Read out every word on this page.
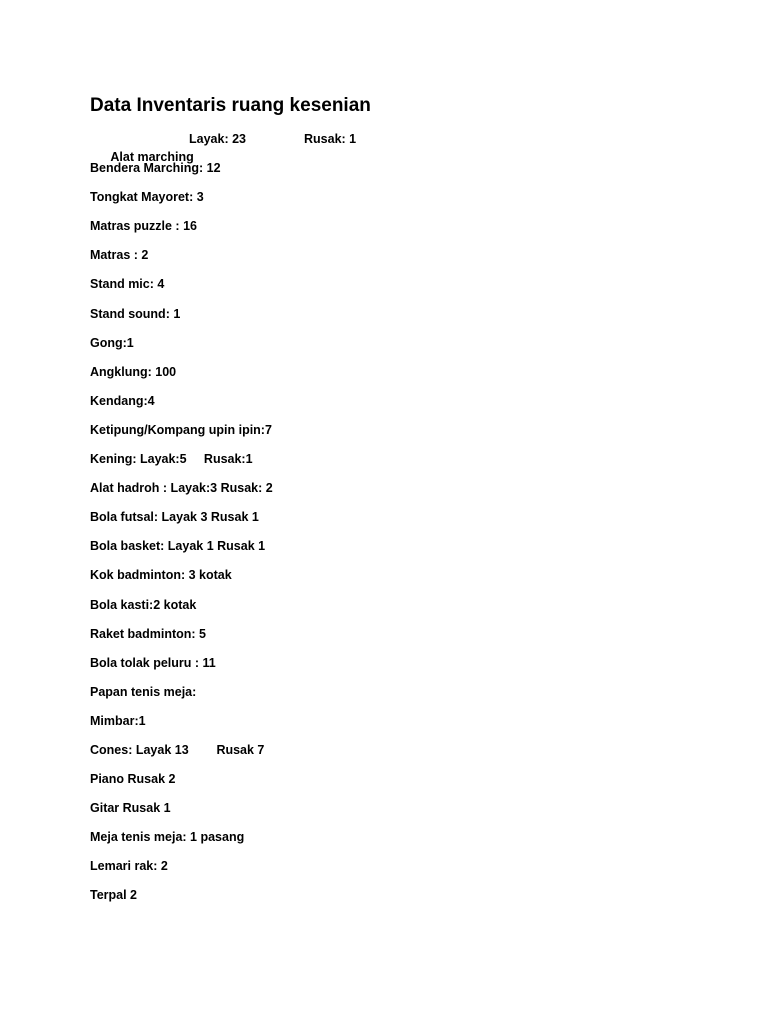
Data Inventaris ruang kesenian

Alat marching

Layak: 23

	Rusak: 1

Bendera Marching: 12
Tongkat Mayoret: 3
Matras puzzle : 16
Matras : 2
Stand mic: 4
Stand sound: 1
Gong:1
Angklung: 100
Kendang:4
Ketipung/Kompang upin ipin:7
Kening: Layak:5     Rusak:1
Alat hadroh : Layak:3 Rusak: 2
Bola futsal: Layak 3 Rusak 1
Bola basket: Layak 1 Rusak 1
Kok badminton: 3 kotak
Bola kasti:2 kotak
Raket badminton: 5
Bola tolak peluru : 11
Papan tenis meja:
Mimbar:1
Cones: Layak 13        Rusak 7
Piano Rusak 2
Gitar Rusak 1
Meja tenis meja: 1 pasang
Lemari rak: 2
Terpal 2
